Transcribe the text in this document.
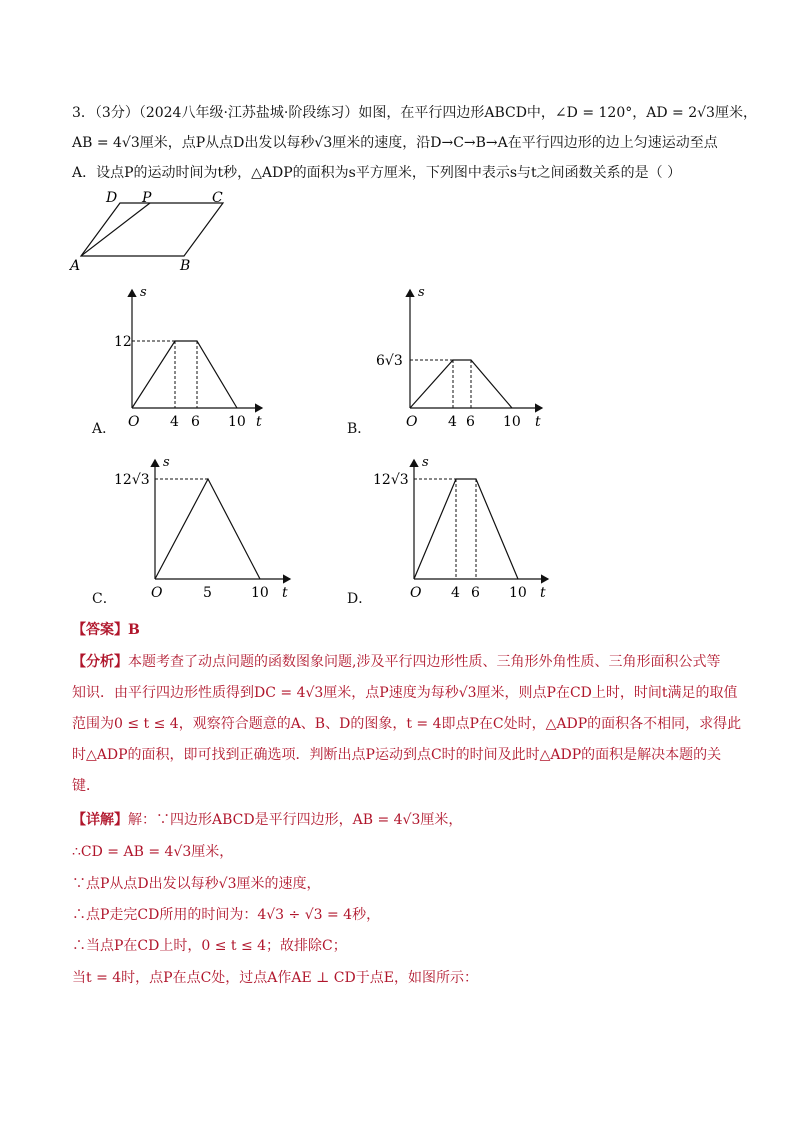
3．（3分）（2024八年级·江苏盐城·阶段练习）如图，在平行四边形ABCD中，∠D = 120°，AD = 2√3厘米，
AB = 4√3厘米，点P从点D出发以每秒√3厘米的速度，沿D→C→B→A在平行四边形的边上匀速运动至点
A．设点P的运动时间为t秒，△ADP的面积为s平方厘米，下列图中表示s与t之间函数关系的是（ ）
D P	C
A	B
A．
12
s
O 4 6 10 t	B．
6√3
s
O 4 6 10 t
C．
12√3
s
O	5	10 t	D．
12√3
s
O 4 6 10 t
【答案】B
【分析】本题考查了动点问题的函数图象问题,涉及平行四边形性质、三角形外角性质、三角形面积公式等
知识．由平行四边形性质得到DC = 4√3厘米，点P速度为每秒√3厘米，则点P在CD上时，时间t满足的取值
范围为0 ≤ t ≤ 4，观察符合题意的A、B、D的图象，t = 4即点P在C处时，△ADP的面积各不相同，求得此
时△ADP的面积，即可找到正确选项．判断出点P运动到点C时的时间及此时△ADP的面积是解决本题的关
键．
【详解】解：∵四边形ABCD是平行四边形，AB = 4√3厘米，
∴CD = AB = 4√3厘米，
∵点P从点D出发以每秒√3厘米的速度，
∴点P走完CD所用的时间为：4√3 ÷ √3 = 4秒，
∴当点P在CD上时，0 ≤ t ≤ 4；故排除C；
当t = 4时，点P在点C处，过点A作AE ⊥ CD于点E，如图所示：
